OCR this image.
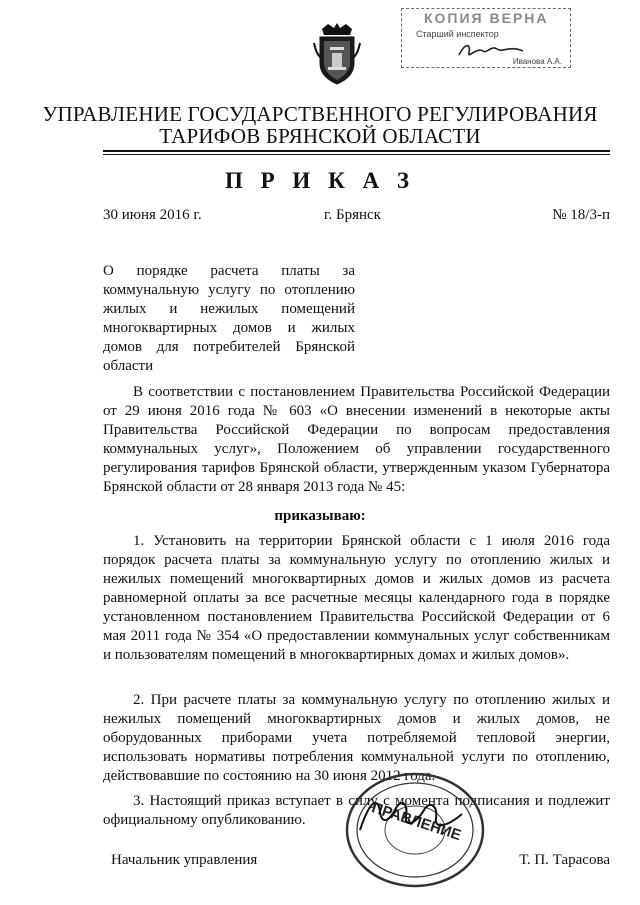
КОПИЯ ВЕРНА
Старший инспектор
Иванова А.А.
УПРАВЛЕНИЕ ГОСУДАРСТВЕННОГО РЕГУЛИРОВАНИЯ
ТАРИФОВ БРЯНСКОЙ ОБЛАСТИ
П Р И К А З
30 июня 2016 г.	г. Брянск	№ 18/3-п
О порядке расчета платы за коммунальную услугу по отоплению жилых и нежилых помещений многоквартирных домов и жилых домов для потребителей Брянской области
В соответствии с постановлением Правительства Российской Федерации от 29 июня 2016 года № 603 «О внесении изменений в некоторые акты Правительства Российской Федерации по вопросам предоставления коммунальных услуг», Положением об управлении государственного регулирования тарифов Брянской области, утвержденным указом Губернатора Брянской области от 28 января 2013 года № 45:
приказываю:
1. Установить на территории Брянской области с 1 июля 2016 года порядок расчета платы за коммунальную услугу по отоплению жилых и нежилых помещений многоквартирных домов и жилых домов из расчета равномерной оплаты за все расчетные месяцы календарного года в порядке установленном постановлением Правительства Российской Федерации от 6 мая 2011 года № 354 «О предоставлении коммунальных услуг собственникам и пользователям помещений в многоквартирных домах и жилых домов».
2. При расчете платы за коммунальную услугу по отоплению жилых и нежилых помещений многоквартирных домов и жилых домов, не оборудованных приборами учета потребляемой тепловой энергии, использовать нормативы потребления коммунальной услуги по отоплению, действовавшие по состоянию на 30 июня 2012 года.
3. Настоящий приказ вступает в силу с момента подписания и подлежит официальному опубликованию.	ПРАВЛЕНИЕ
Начальник управления	Т. П. Тарасова
